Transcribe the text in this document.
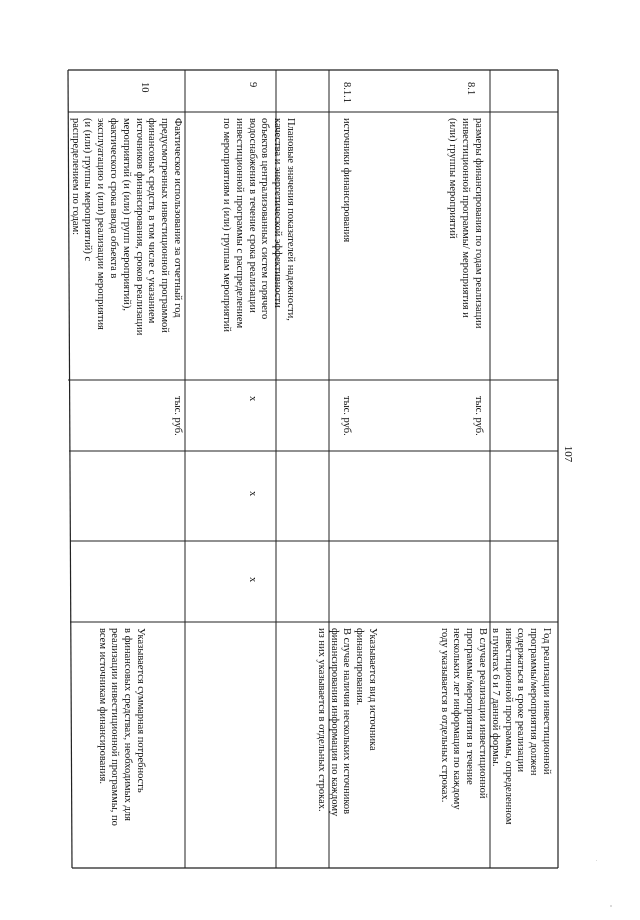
107
8.1
размеры финансирования по годам реализации
инвестиционной программы/ мероприятия и
(или) группы мероприятий
тыс. руб.
Год реализации инвестиционной
программы/мероприятия должен
содержаться в сроке реализации
инвестиционной программы, определенном
в пунктах 6 и 7 данной формы.
В случае реализации инвестиционной
программы/мероприятия в течение
нескольких лет информация по каждому
году указывается в отдельных строках.
8.1.1
источники финансирования
тыс. руб.
Указывается вид источника
финансирования.
В случае наличия нескольких источников
финансирования информация по каждому
из них указывается в отдельных строках.
9
Плановые значения показателей надежности,
качества и энергетической эффективности
объектов централизованных систем горячего
водоснабжения в течение срока реализации
инвестиционной программы с распределением
по мероприятиям и (или) группам мероприятий
х
х
х
10
Фактическое использование за отчетный год
предусмотренных инвестиционной программой
финансовых средств, в том числе с указанием
источников финансирования, сроков реализации
мероприятий (и (или) групп мероприятий),
фактического срока ввода объекта в
эксплуатацию и (или) реализации мероприятия
(и (или) группы мероприятий) с
распределением по годам:
тыс. руб.
Указывается суммарная потребность
в финансовых средствах, необходимых для
реализации инвестиционной программы, по
всем источникам финансирования.
